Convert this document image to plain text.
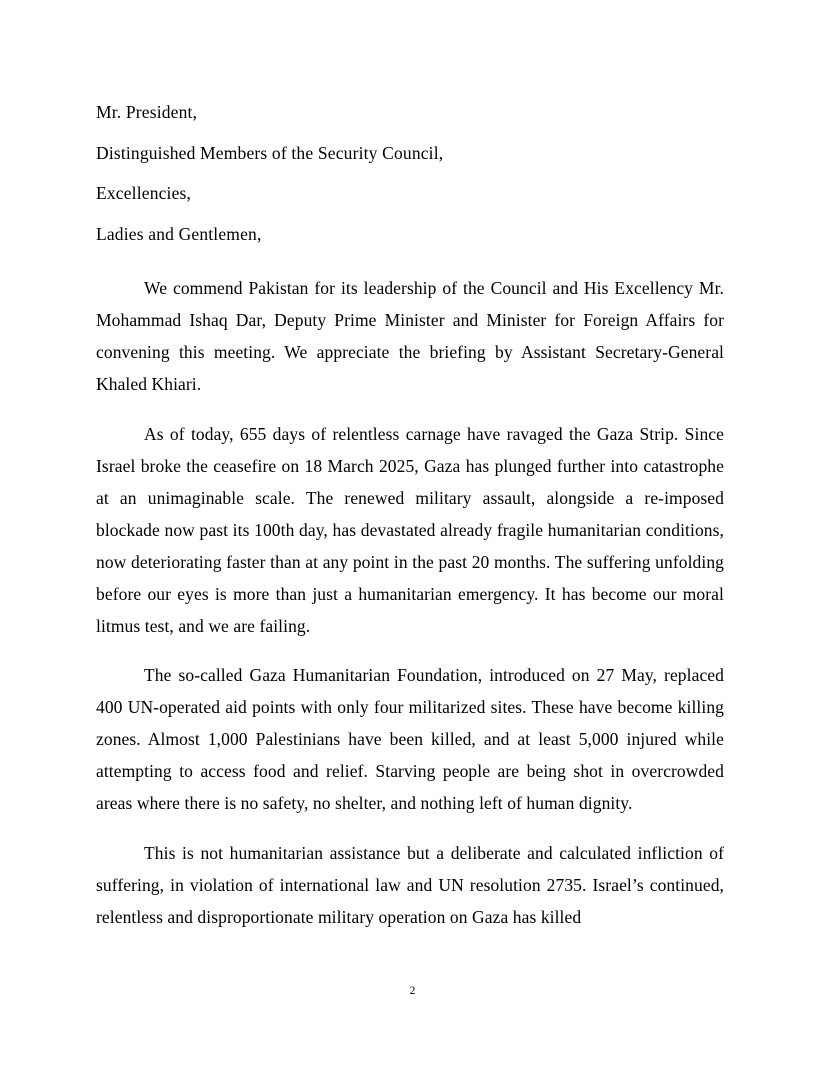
Mr. President,
Distinguished Members of the Security Council,
Excellencies,
Ladies and Gentlemen,

We commend Pakistan for its leadership of the Council and His Excellency Mr. Mohammad Ishaq Dar, Deputy Prime Minister and Minister for Foreign Affairs for convening this meeting. We appreciate the briefing by Assistant Secretary-General Khaled Khiari.

As of today, 655 days of relentless carnage have ravaged the Gaza Strip. Since Israel broke the ceasefire on 18 March 2025, Gaza has plunged further into catastrophe at an unimaginable scale. The renewed military assault, alongside a re-imposed blockade now past its 100th day, has devastated already fragile humanitarian conditions, now deteriorating faster than at any point in the past 20 months. The suffering unfolding before our eyes is more than just a humanitarian emergency. It has become our moral litmus test, and we are failing.

The so-called Gaza Humanitarian Foundation, introduced on 27 May, replaced 400 UN-operated aid points with only four militarized sites. These have become killing zones. Almost 1,000 Palestinians have been killed, and at least 5,000 injured while attempting to access food and relief. Starving people are being shot in overcrowded areas where there is no safety, no shelter, and nothing left of human dignity.

This is not humanitarian assistance but a deliberate and calculated infliction of suffering, in violation of international law and UN resolution 2735. Israel’s continued, relentless and disproportionate military operation on Gaza has killed

2
